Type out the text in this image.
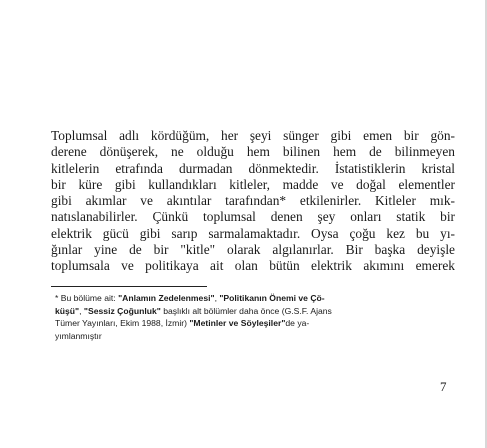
Toplumsal adlı kördüğüm, her şeyi sünger gibi emen bir gön-
derene dönüşerek, ne olduğu hem bilinen hem de bilinmeyen
kitlelerin etrafında durmadan dönmektedir. İstatistiklerin kristal
bir küre gibi kullandıkları kitleler, madde ve doğal elementler
gibi akımlar ve akıntılar tarafından* etkilenirler. Kitleler mık-
natıslanabilirler. Çünkü toplumsal denen şey onları statik bir
elektrik gücü gibi sarıp sarmalamaktadır. Oysa çoğu kez bu yı-
ğınlar yine de bir "kitle" olarak algılanırlar. Bir başka deyişle
toplumsala ve politikaya ait olan bütün elektrik akımını emerek
* Bu bölüme ait: "Anlamın Zedelenmesi", "Politikanın Önemi ve Çö-
küşü", "Sessiz Çoğunluk" başlıklı alt bölümler daha önce (G.S.F. Ajans
Tümer Yayınları, Ekim 1988, İzmir) "Metinler ve Söyleşiler"de ya-
yımlanmıştır
7
